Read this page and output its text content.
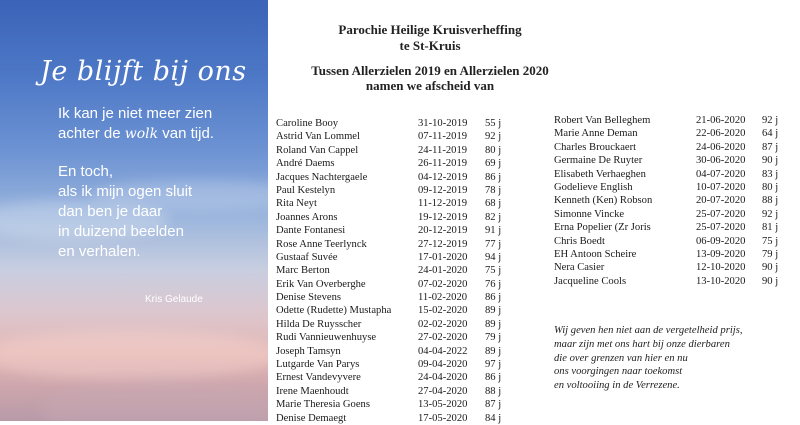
Je blijft bij ons

Ik kan je niet meer zien

achter de wolk van tijd.

En toch,

als ik mijn ogen sluit

dan ben je daar

in duizend beelden

en verhalen.

Kris Gelaude

Parochie Heilige Kruisverheffing

te St-Kruis

Tussen Allerzielen 2019 en Allerzielen 2020

namen we afscheid van

Caroline Booy	31-10-2019 55 j
Astrid Van Lommel	07-11-2019 92 j
Roland Van Cappel	24-11-2019 80 j
André Daems	26-11-2019 69 j
Jacques Nachtergaele	04-12-2019 86 j
Paul Kestelyn	09-12-2019 78 j
Rita Neyt	11-12-2019 68 j
Joannes Arons	19-12-2019 82 j
Dante Fontanesi	20-12-2019 91 j
Rose Anne Teerlynck	27-12-2019 77 j
Gustaaf Suvée	17-01-2020 94 j
Marc Berton	24-01-2020 75 j
Erik Van Overberghe	07-02-2020 76 j
Denise Stevens	11-02-2020 86 j
Odette (Rudette) Mustapha	15-02-2020 89 j
Hilda De Ruysscher	02-02-2020 89 j
Rudi Vannieuwenhuyse	27-02-2020 79 j
Joseph Tamsyn	04-04-2022 89 j
Lutgarde Van Parys	09-04-2020 97 j
Ernest Vandevyvere	24-04-2020 86 j
Irene Maenhoudt	27-04-2020 88 j
Marie Theresia Goens	13-05-2020 87 j
Denise Demaegt	17-05-2020 84 j
Robert Van Belleghem	21-06-2020 92 j
Marie Anne Deman	22-06-2020 64 j
Charles Brouckaert	24-06-2020 87 j
Germaine De Ruyter	30-06-2020 90 j
Elisabeth Verhaeghen	04-07-2020 83 j
Godelieve English	10-07-2020 80 j
Kenneth (Ken) Robson	20-07-2020 88 j
Simonne Vincke	25-07-2020 92 j
Erna Popelier (Zr Joris	25-07-2020 81 j
Chris Boedt	06-09-2020 75 j
EH Antoon Scheire	13-09-2020 79 j
Nera Casier	12-10-2020 90 j
Jacqueline Cools	13-10-2020 90 j

Wij geven hen niet aan de vergetelheid prijs,
maar zijn met ons hart bij onze dierbaren
die over grenzen van hier en nu
ons voorgingen naar toekomst
en voltooiing in de Verrezene.
